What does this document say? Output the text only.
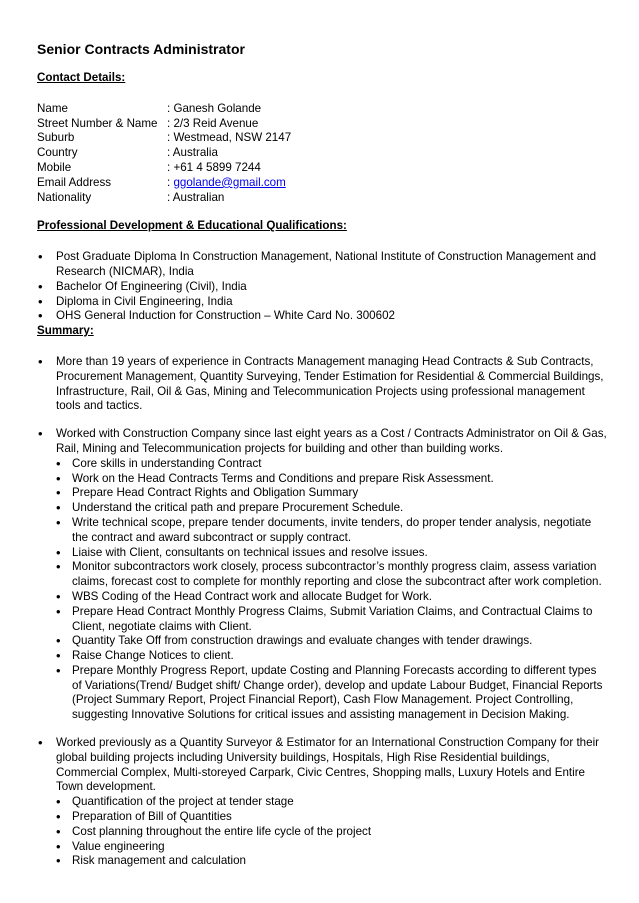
Senior Contracts Administrator
Contact Details:
Name	: Ganesh Golande
Street Number & Name : 2/3 Reid Avenue
Suburb	: Westmead, NSW 2147
Country	: Australia
Mobile	: +61 4 5899 7244
Email Address	: ggolande@gmail.com
Nationality	: Australian
Professional Development & Educational Qualifications:
• Post Graduate Diploma In Construction Management, National Institute of Construction Management and Research (NICMAR), India
• Bachelor Of Engineering (Civil), India
• Diploma in Civil Engineering, India
• OHS General Induction for Construction – White Card No. 300602
Summary:
• More than 19 years of experience in Contracts Management managing Head Contracts & Sub Contracts, Procurement Management, Quantity Surveying, Tender Estimation for Residential & Commercial Buildings, Infrastructure, Rail, Oil & Gas, Mining and Telecommunication Projects using professional management tools and tactics.
• Worked with Construction Company since last eight years as a Cost / Contracts Administrator on Oil & Gas, Rail, Mining and Telecommunication projects for building and other than building works.
• Core skills in understanding Contract
• Work on the Head Contracts Terms and Conditions and prepare Risk Assessment.
• Prepare Head Contract Rights and Obligation Summary
• Understand the critical path and prepare Procurement Schedule.
• Write technical scope, prepare tender documents, invite tenders, do proper tender analysis, negotiate the contract and award subcontract or supply contract.
• Liaise with Client, consultants on technical issues and resolve issues.
• Monitor subcontractors work closely, process subcontractor’s monthly progress claim, assess variation claims, forecast cost to complete for monthly reporting and close the subcontract after work completion.
• WBS Coding of the Head Contract work and allocate Budget for Work.
• Prepare Head Contract Monthly Progress Claims, Submit Variation Claims, and Contractual Claims to Client, negotiate claims with Client.
• Quantity Take Off from construction drawings and evaluate changes with tender drawings.
• Raise Change Notices to client.
• Prepare Monthly Progress Report, update Costing and Planning Forecasts according to different types of Variations(Trend/ Budget shift/ Change order), develop and update Labour Budget, Financial Reports (Project Summary Report, Project Financial Report), Cash Flow Management. Project Controlling, suggesting Innovative Solutions for critical issues and assisting management in Decision Making.
• Worked previously as a Quantity Surveyor & Estimator for an International Construction Company for their global building projects including University buildings, Hospitals, High Rise Residential buildings, Commercial Complex, Multi-storeyed Carpark, Civic Centres, Shopping malls, Luxury Hotels and Entire Town development.
• Quantification of the project at tender stage
• Preparation of Bill of Quantities
• Cost planning throughout the entire life cycle of the project
• Value engineering
• Risk management and calculation
